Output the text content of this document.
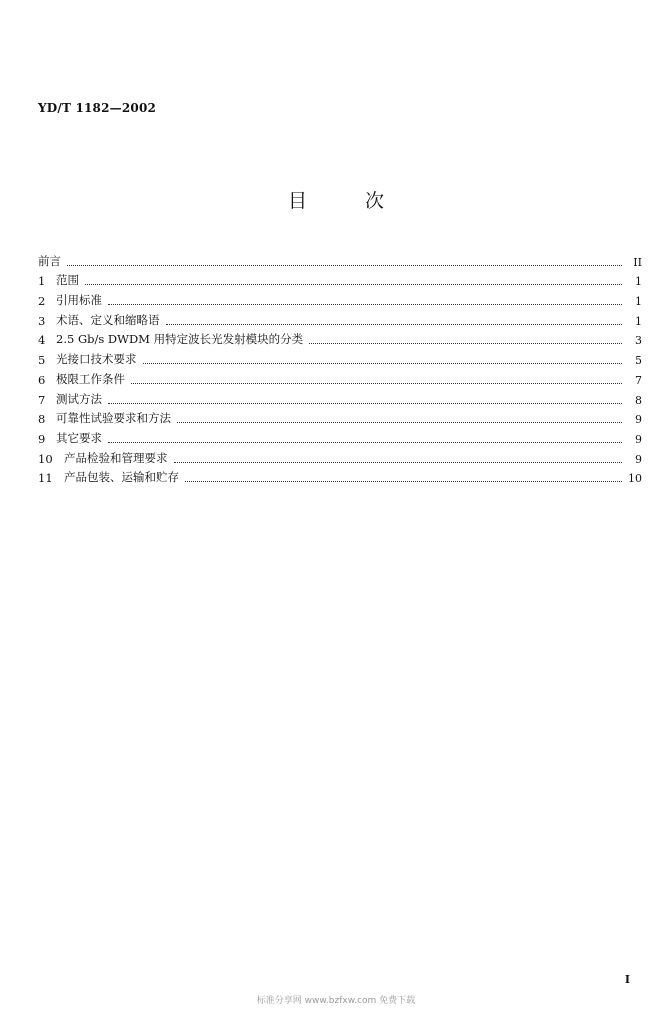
YD/T 1182—2002
目	次
前言	II
1 范围	1
2 引用标准	1
3 术语、定义和缩略语	1
4 2.5 Gb/s DWDM 用特定波长光发射模块的分类	3
5 光接口技术要求	5
6 极限工作条件	7
7 测试方法	8
8 可靠性试验要求和方法	9
9 其它要求	9
10 产品检验和管理要求	9
11 产品包装、运输和贮存	10
I
标准分享网 www.bzfxw.com 免费下载
